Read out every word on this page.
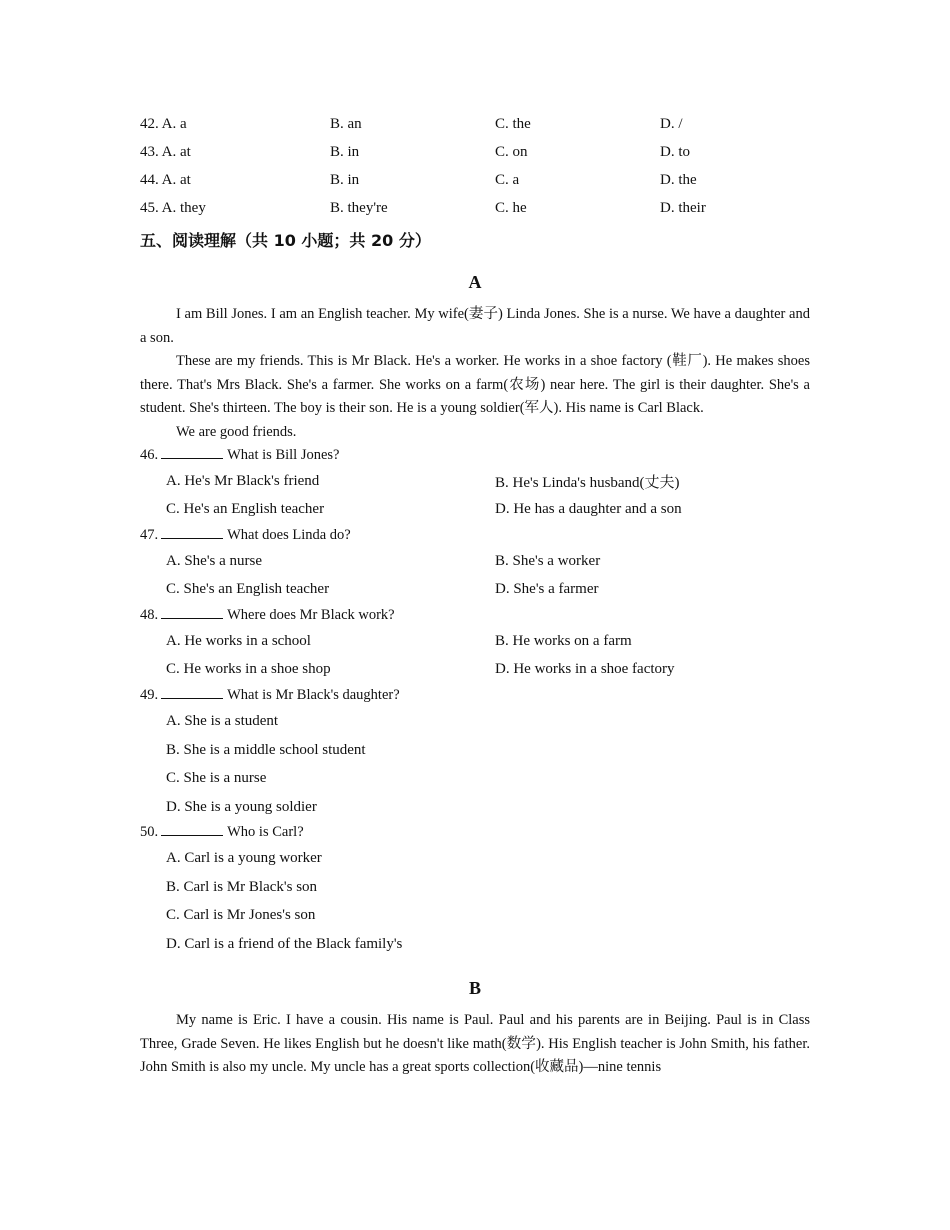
42. A. a	B. an	C. the	D. /
43. A. at	B. in	C. on	D. to
44. A. at	B. in	C. a	D. the
45. A. they	B. they're	C. he	D. their
五、阅读理解（共 10 小题；共 20 分）
A

I am Bill Jones. I am an English teacher. My wife(妻子) Linda Jones. She is a nurse. We have a daughter and a son.

These are my friends. This is Mr Black. He's a worker. He works in a shoe factory (鞋厂). He makes shoes there. That's Mrs Black. She's a farmer. She works on a farm(农场) near here. The girl is their daughter. She's a student. She's thirteen. The boy is their son. He is a young soldier(军人). His name is Carl Black.

We are good friends.

46.	What is Bill Jones?
A. He's Mr Black's friend	B. He's Linda's husband(丈夫)
C. He's an English teacher	D. He has a daughter and a son
47.	What does Linda do?
A. She's a nurse	B. She's a worker
C. She's an English teacher	D. She's a farmer
48.	Where does Mr Black work?
A. He works in a school	B. He works on a farm
C. He works in a shoe shop	D. He works in a shoe factory
49.	What is Mr Black's daughter?
A. She is a student
B. She is a middle school student
C. She is a nurse
D. She is a young soldier
50.	Who is Carl?
A. Carl is a young worker
B. Carl is Mr Black's son
C. Carl is Mr Jones's son
D. Carl is a friend of the Black family's
B

My name is Eric. I have a cousin. His name is Paul. Paul and his parents are in Beijing. Paul is in Class Three, Grade Seven. He likes English but he doesn't like math(数学). His English teacher is John Smith, his father. John Smith is also my uncle. My uncle has a great sports collection(收藏品)—nine tennis
